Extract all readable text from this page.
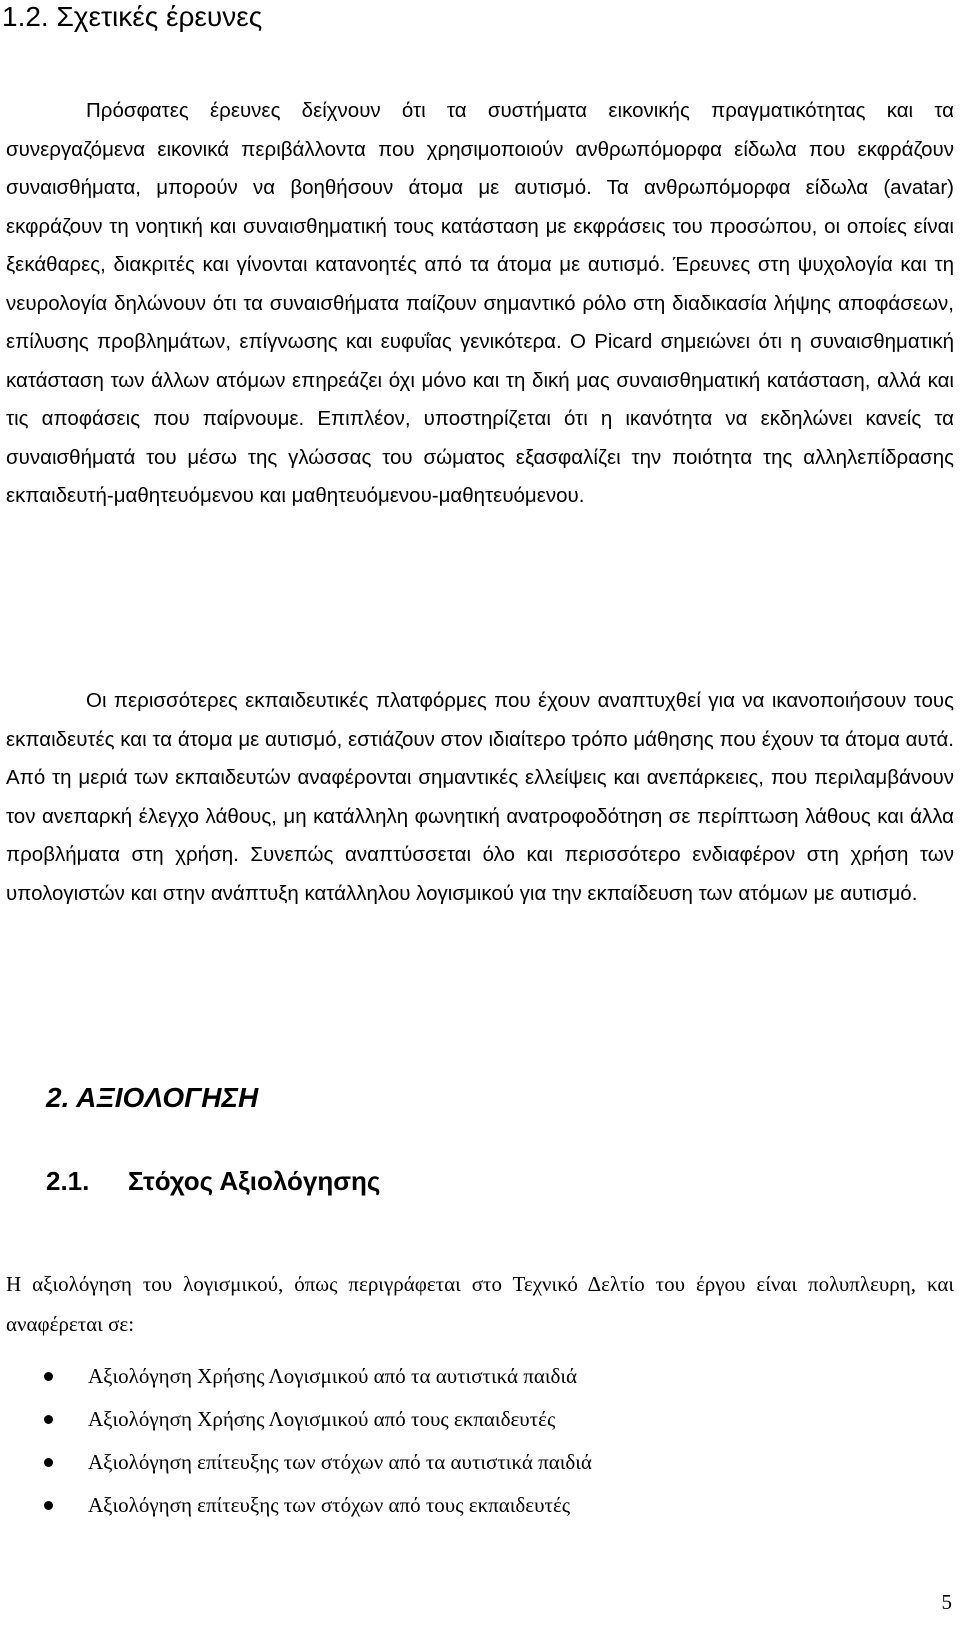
1.2. Σχετικές έρευνες

Πρόσφατες έρευνες δείχνουν ότι τα συστήματα εικονικής πραγματικότητας και τα συνεργαζόμενα εικονικά περιβάλλοντα που χρησιμοποιούν ανθρωπόμορφα είδωλα που εκφράζουν συναισθήματα, μπορούν να βοηθήσουν άτομα με αυτισμό. Τα ανθρωπόμορφα είδωλα (avatar) εκφράζουν τη νοητική και συναισθηματική τους κατάσταση με εκφράσεις του προσώπου, οι οποίες είναι ξεκάθαρες, διακριτές και γίνονται κατανοητές από τα άτομα με αυτισμό. Έρευνες στη ψυχολογία και τη νευρολογία δηλώνουν ότι τα συναισθήματα παίζουν σημαντικό ρόλο στη διαδικασία λήψης αποφάσεων, επίλυσης προβλημάτων, επίγνωσης και ευφυΐας γενικότερα. Ο Picard σημειώνει ότι η συναισθηματική κατάσταση των άλλων ατόμων επηρεάζει όχι μόνο και τη δική μας συναισθηματική κατάσταση, αλλά και τις αποφάσεις που παίρνουμε. Επιπλέον, υποστηρίζεται ότι η ικανότητα να εκδηλώνει κανείς τα συναισθήματά του μέσω της γλώσσας του σώματος εξασφαλίζει την ποιότητα της αλληλεπίδρασης εκπαιδευτή-μαθητευόμενου και μαθητευόμενου-μαθητευόμενου.

Οι περισσότερες εκπαιδευτικές πλατφόρμες που έχουν αναπτυχθεί για να ικανοποιήσουν τους εκπαιδευτές και τα άτομα με αυτισμό, εστιάζουν στον ιδιαίτερο τρόπο μάθησης που έχουν τα άτομα αυτά. Από τη μεριά των εκπαιδευτών αναφέρονται σημαντικές ελλείψεις και ανεπάρκειες, που περιλαμβάνουν τον ανεπαρκή έλεγχο λάθους, μη κατάλληλη φωνητική ανατροφοδότηση σε περίπτωση λάθους και άλλα προβλήματα στη χρήση. Συνεπώς αναπτύσσεται όλο και περισσότερο ενδιαφέρον στη χρήση των υπολογιστών και στην ανάπτυξη κατάλληλου λογισμικού για την εκπαίδευση των ατόμων με αυτισμό.

2. ΑΞΙΟΛΟΓΗΣΗ
2.1. Στόχος Αξιολόγησης

Η αξιολόγηση του λογισμικού, όπως περιγράφεται στο Τεχνικό Δελτίο του έργου είναι πολυπλευρη, και αναφέρεται σε:

Αξιολόγηση Χρήσης Λογισμικού από τα αυτιστικά παιδιά
Αξιολόγηση Χρήσης Λογισμικού από τους εκπαιδευτές
Αξιολόγηση επίτευξης των στόχων από τα αυτιστικά παιδιά
Αξιολόγηση επίτευξης των στόχων από τους εκπαιδευτές
5
